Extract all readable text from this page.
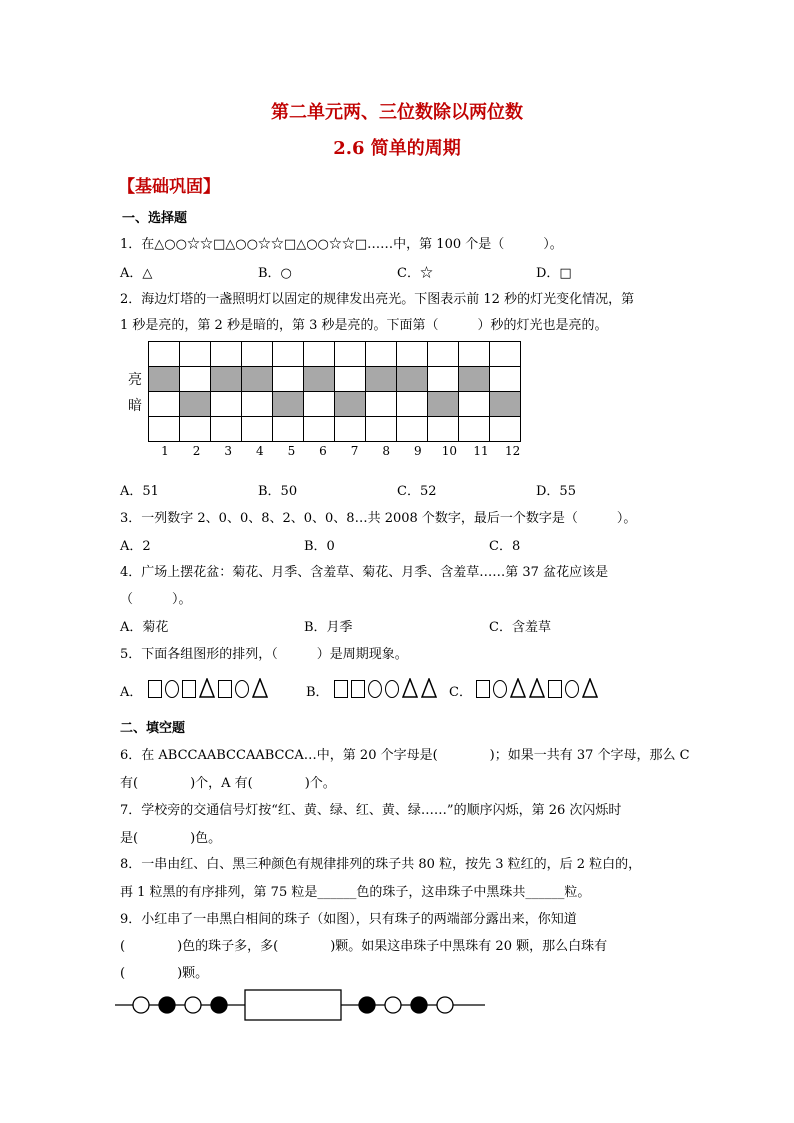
第二单元两、三位数除以两位数
2.6 简单的周期
【基础巩固】
一、选择题
1．在△○○☆☆□△○○☆☆□△○○☆☆□……中，第 100 个是（　　　）。
A．△	B．○	C．☆	D．□
2．海边灯塔的一盏照明灯以固定的规律发出亮光。下图表示前 12 秒的灯光变化情况，第
1 秒是亮的，第 2 秒是暗的，第 3 秒是亮的。下面第（　　　）秒的灯光也是亮的。
亮
暗

1	2	3	4	5	6	7	8	9	10	11	12
A．51	B．50	C．52	D．55
3．一列数字 2、0、0、8、2、0、0、8…共 2008 个数字，最后一个数字是（　　　）。
A．2	B．0	C．8
4．广场上摆花盆：菊花、月季、含羞草、菊花、月季、含羞草……第 37 盆花应该是
（　　　）。
A．菊花	B．月季	C．含羞草
5．下面各组图形的排列，（　　　）是周期现象。
A．	B．	C．
二、填空题
6．在 ABCCAABCCAABCCA…中，第 20 个字母是(　　　　)；如果一共有 37 个字母，那么 C
有(　　　　)个，A 有(　　　　)个。
7．学校旁的交通信号灯按“红、黄、绿、红、黄、绿……”的顺序闪烁，第 26 次闪烁时
是(　　　　)色。
8．一串由红、白、黑三种颜色有规律排列的珠子共 80 粒，按先 3 粒红的，后 2 粒白的，
再 1 粒黑的有序排列，第 75 粒是______色的珠子，这串珠子中黑珠共______粒。
9．小红串了一串黑白相间的珠子（如图），只有珠子的两端部分露出来，你知道
(　　　　)色的珠子多，多(　　　　)颗。如果这串珠子中黑珠有 20 颗，那么白珠有
(　　　　)颗。
